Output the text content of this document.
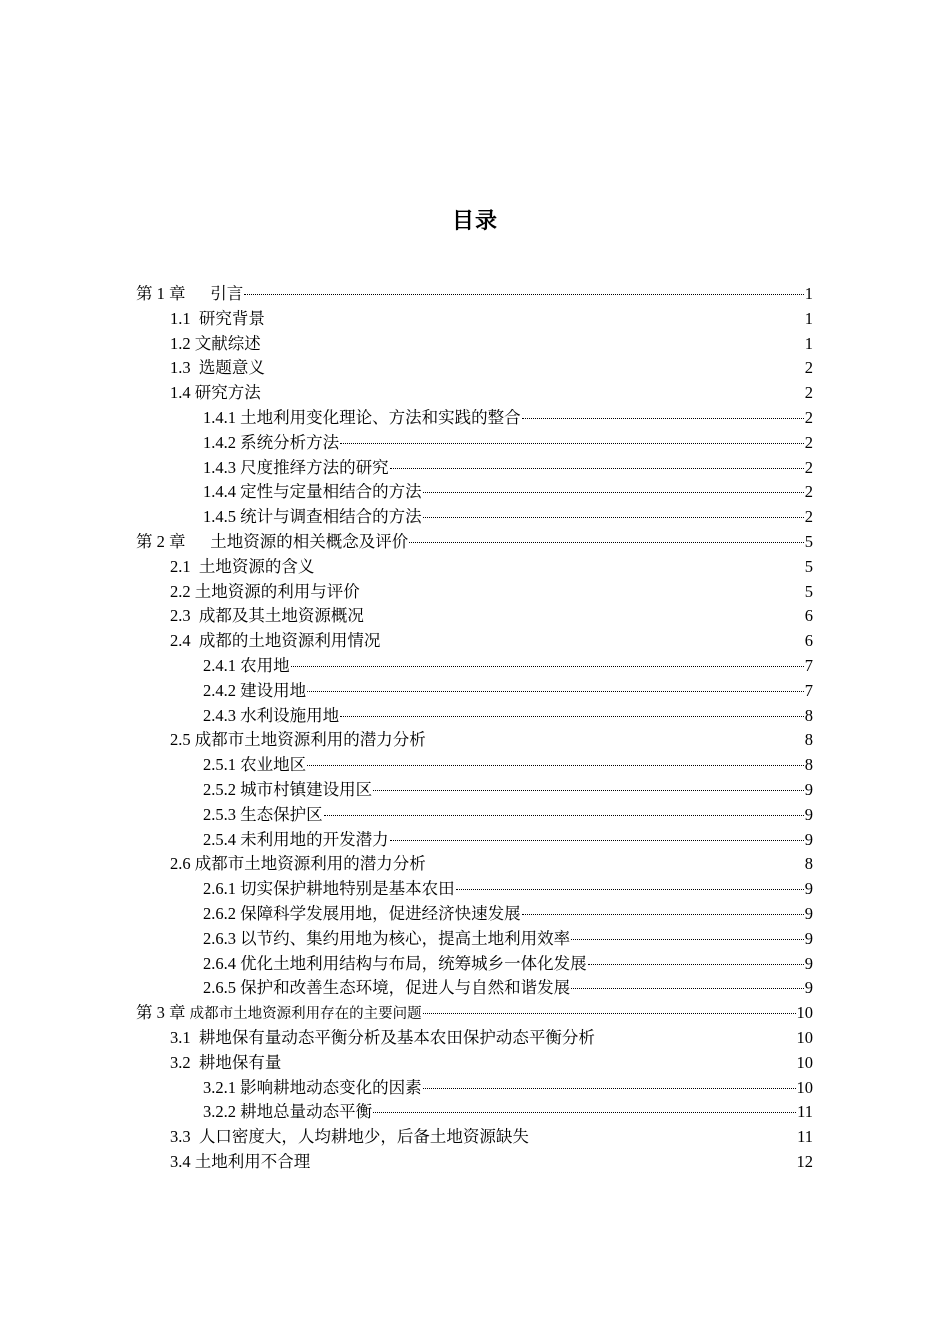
目录
第 1 章      引言	1
1.1  研究背景	1
1.2 文献综述	1
1.3  选题意义	2
1.4 研究方法	2
1.4.1 土地利用变化理论、方法和实践的整合	2
1.4.2 系统分析方法	2
1.4.3 尺度推绎方法的研究	2
1.4.4 定性与定量相结合的方法	2
1.4.5 统计与调查相结合的方法	2
第 2 章      土地资源的相关概念及评价	5
2.1  土地资源的含义	5
2.2 土地资源的利用与评价	5
2.3  成都及其土地资源概况	6
2.4  成都的土地资源利用情况	6
2.4.1 农用地	7
2.4.2 建设用地	7
2.4.3 水利设施用地	8
2.5 成都市土地资源利用的潜力分析	8
2.5.1 农业地区	8
2.5.2 城市村镇建设用区	9
2.5.3 生态保护区	9
2.5.4 未利用地的开发潜力	9
2.6 成都市土地资源利用的潜力分析	8
2.6.1 切实保护耕地特别是基本农田	9
2.6.2 保障科学发展用地，促进经济快速发展	9
2.6.3 以节约、集约用地为核心，提高土地利用效率	9
2.6.4 优化土地利用结构与布局，统筹城乡一体化发展	9
2.6.5 保护和改善生态环境，促进人与自然和谐发展	9
第 3 章 成都市土地资源利用存在的主要问题	10
3.1  耕地保有量动态平衡分析及基本农田保护动态平衡分析	10
3.2  耕地保有量	10
3.2.1 影响耕地动态变化的因素	10
3.2.2 耕地总量动态平衡	11
3.3  人口密度大，人均耕地少，后备土地资源缺失	11
3.4 土地利用不合理	12
